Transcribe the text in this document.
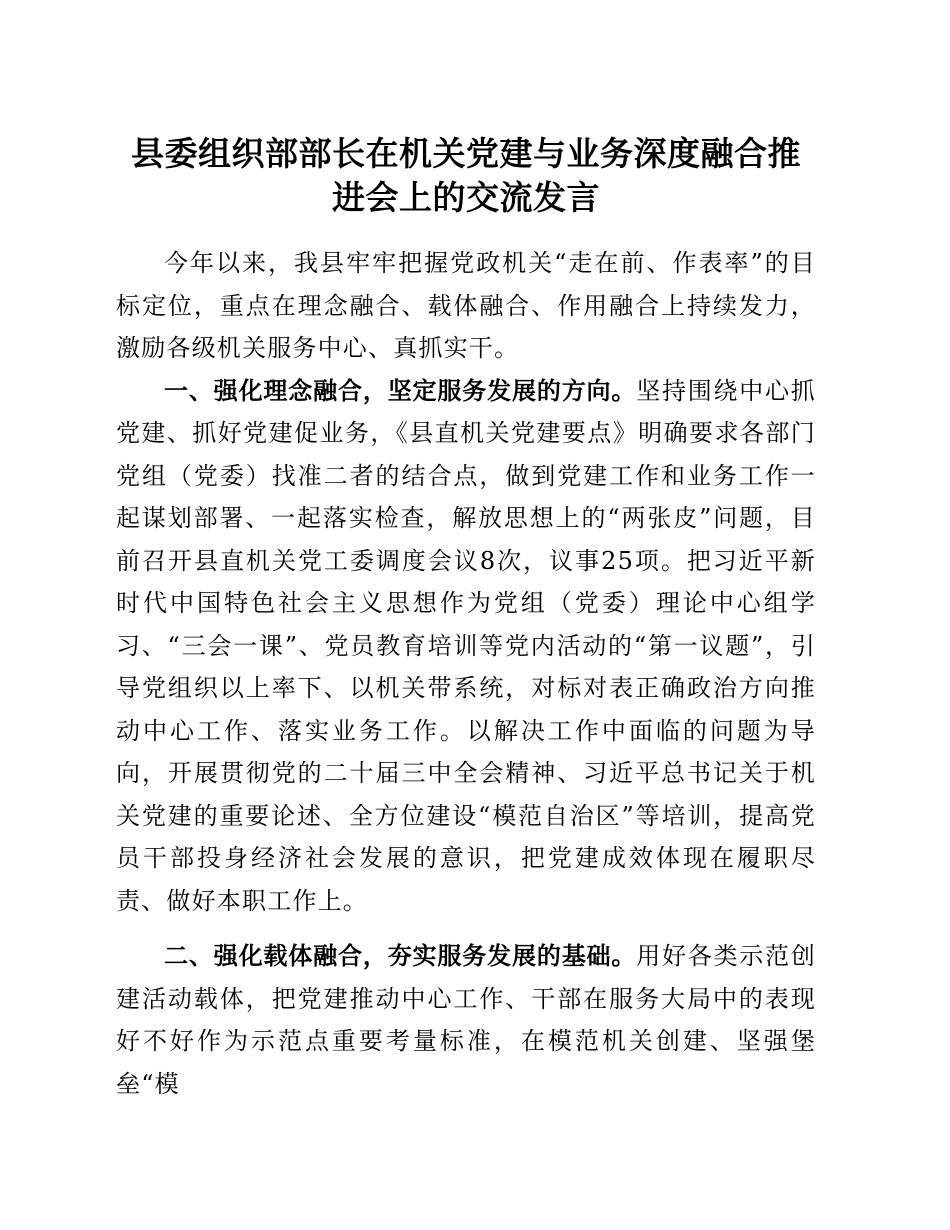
县委组织部部长在机关党建与业务深度融合推
进会上的交流发言

今年以来，我县牢牢把握党政机关“走在前、作表率”的目标定位，重点在理念融合、载体融合、作用融合上持续发力，激励各级机关服务中心、真抓实干。

一、强化理念融合，坚定服务发展的方向。坚持围绕中心抓党建、抓好党建促业务，《县直机关党建要点》明确要求各部门党组（党委）找准二者的结合点，做到党建工作和业务工作一起谋划部署、一起落实检查，解放思想上的“两张皮”问题，目前召开县直机关党工委调度会议8次，议事25项。把习近平新时代中国特色社会主义思想作为党组（党委）理论中心组学习、“三会一课”、党员教育培训等党内活动的“第一议题”，引导党组织以上率下、以机关带系统，对标对表正确政治方向推动中心工作、落实业务工作。以解决工作中面临的问题为导向，开展贯彻党的二十届三中全会精神、习近平总书记关于机关党建的重要论述、全方位建设“模范自治区”等培训，提高党员干部投身经济社会发展的意识，把党建成效体现在履职尽责、做好本职工作上。

二、强化载体融合，夯实服务发展的基础。用好各类示范创建活动载体，把党建推动中心工作、干部在服务大局中的表现好不好作为示范点重要考量标准，在模范机关创建、坚强堡垒“模
